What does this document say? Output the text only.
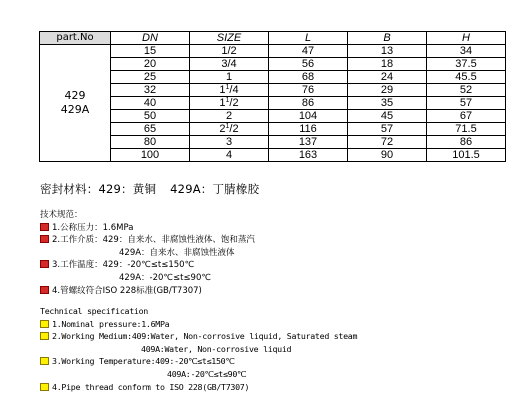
part.No	DN	SIZE	L	B	H

429
429A	15	1/2	47	13	34
	20	3/4	56	18	37.5
	25	1	68	24	45.5
	32	$1^1/4$	76	29	52
	40	$1^1/2$	86	35	57
	50	2	104	45	67
	65	$2^1/2$	116	57	71.5
	80	3	137	72	86
	100	4	163	90	101.5
密封材料：429：黄铜 429A：丁腈橡胶
技术规范：
1.公称压力：1.6MPa
2.工作介质：429：自来水、非腐蚀性液体、饱和蒸汽
429A：自来水、非腐蚀性液体
3.工作温度：429：-20℃≤t≤150℃
429A：-20℃≤t≤90℃
4.管螺纹符合ISO 228标准(GB/T7307)
Technical specification
1.Nominal pressure:1.6MPa
2.Working Medium:409:Water, Non-corrosive liquid, Saturated steam
409A:Water, Non-corrosive liquid
3.Working Temperature:409:-20℃≤t≤150℃
409A:-20℃≤t≤90℃
4.Pipe thread conform to ISO 228(GB/T7307)
